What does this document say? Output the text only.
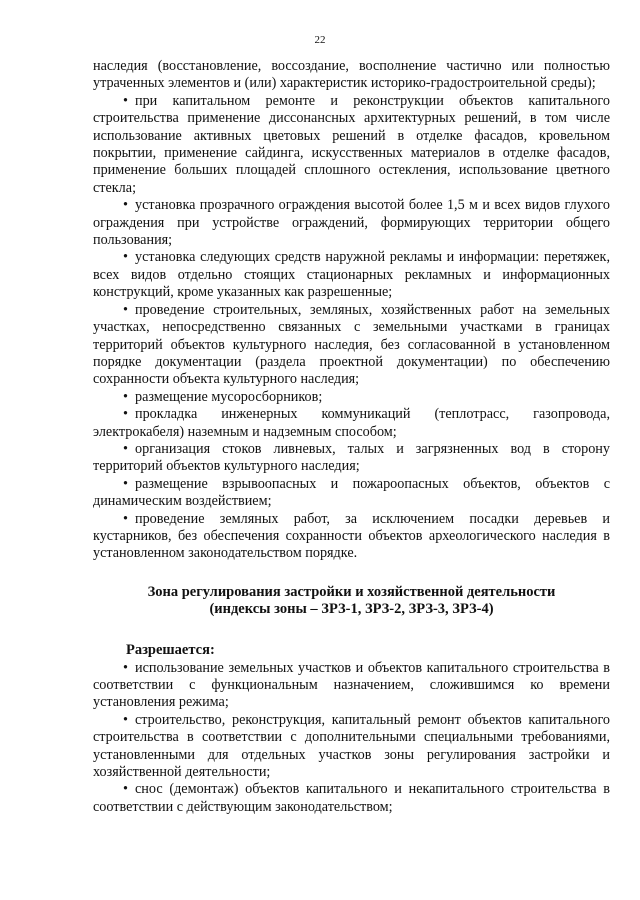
22

наследия (восстановление, воссоздание, восполнение частично или полностью утраченных элементов и (или) характеристик историко-градостроительной среды);

• при капитальном ремонте и реконструкции объектов капитального строительства применение диссонансных архитектурных решений, в том числе использование активных цветовых решений в отделке фасадов, кровельном покрытии, применение сайдинга, искусственных материалов в отделке фасадов, применение больших площадей сплошного остекления, использование цветного стекла;

• установка прозрачного ограждения высотой более 1,5 м и всех видов глухого ограждения при устройстве ограждений, формирующих территории общего пользования;

• установка следующих средств наружной рекламы и информации: перетяжек, всех видов отдельно стоящих стационарных рекламных и информационных конструкций, кроме указанных как разрешенные;

• проведение строительных, земляных, хозяйственных работ на земельных участках, непосредственно связанных с земельными участками в границах территорий объектов культурного наследия, без согласованной в установленном порядке документации (раздела проектной документации) по обеспечению сохранности объекта культурного наследия;

• размещение мусоросборников;

• прокладка инженерных коммуникаций (теплотрасс, газопровода, электрокабеля) наземным и надземным способом;

• организация стоков ливневых, талых и загрязненных вод в сторону территорий объектов культурного наследия;

• размещение взрывоопасных и пожароопасных объектов, объектов с динамическим воздействием;

• проведение земляных работ, за исключением посадки деревьев и кустарников, без обеспечения сохранности объектов археологического наследия в установленном законодательством порядке.

Зона регулирования застройки и хозяйственной деятельности
(индексы зоны – ЗРЗ-1, ЗРЗ-2, ЗРЗ-3, ЗРЗ-4)

Разрешается:

• использование земельных участков и объектов капитального строительства в соответствии с функциональным назначением, сложившимся ко времени установления режима;

• строительство, реконструкция, капитальный ремонт объектов капитального строительства в соответствии с дополнительными специальными требованиями, установленными для отдельных участков зоны регулирования застройки и хозяйственной деятельности;

• снос (демонтаж) объектов капитального и некапитального строительства в соответствии с действующим законодательством;
